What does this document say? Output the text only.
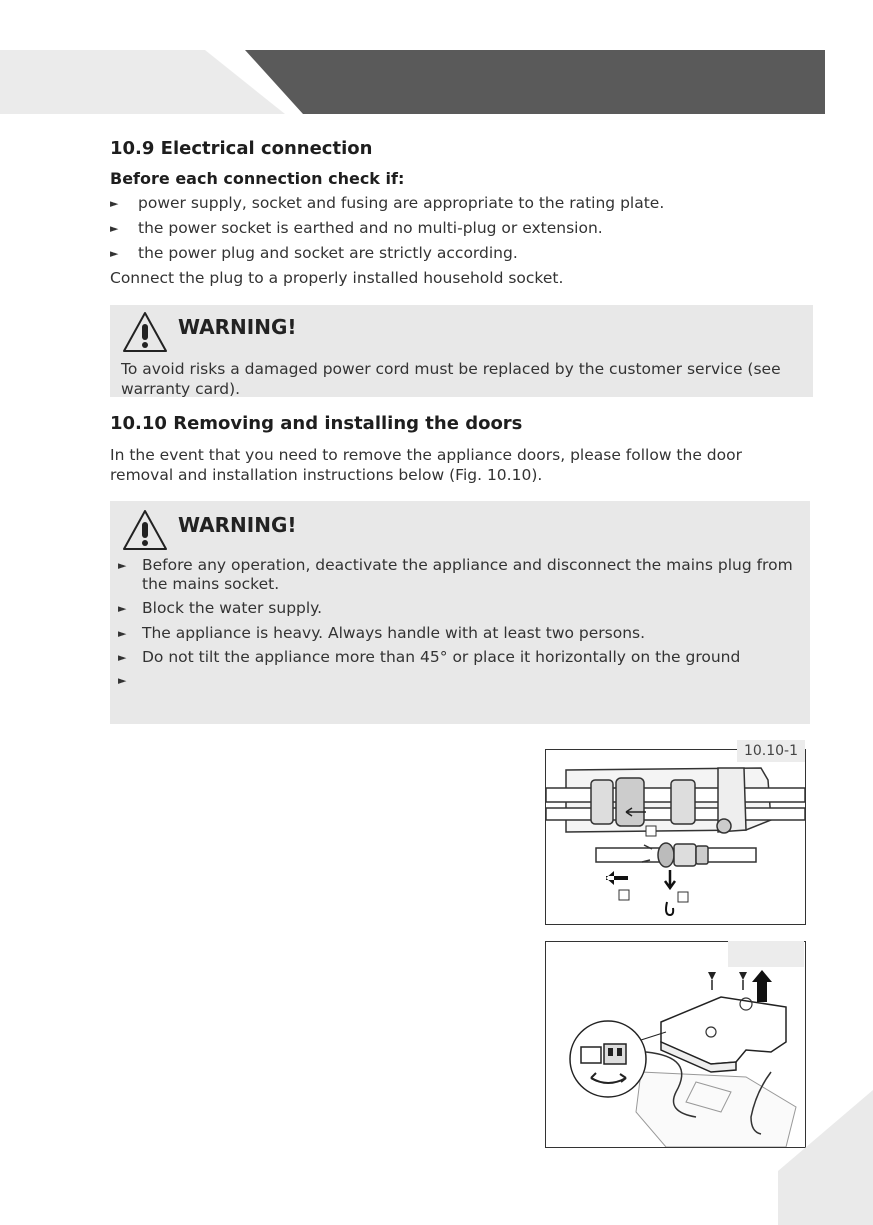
10.9 Electrical connection
Before each connection check if:
► power supply, socket and fusing are appropriate to the rating plate.
► the power socket is earthed and no multi-plug or extension.
► the power plug and socket are strictly according.
Connect the plug to a properly installed household socket.
WARNING!
To avoid risks a damaged power cord must be replaced by the customer service (see warranty card).
10.10 Removing and installing the doors
In the event that you need to remove the appliance doors, please follow the door removal and installation instructions below (Fig. 10.10).
WARNING!
► Before any operation, deactivate the appliance and disconnect the mains plug from the mains socket.
► Block the water supply.
► The appliance is heavy. Always handle with at least two persons.
► Do not tilt the appliance more than 45° or place it horizontally on the ground
►
10.10-1
